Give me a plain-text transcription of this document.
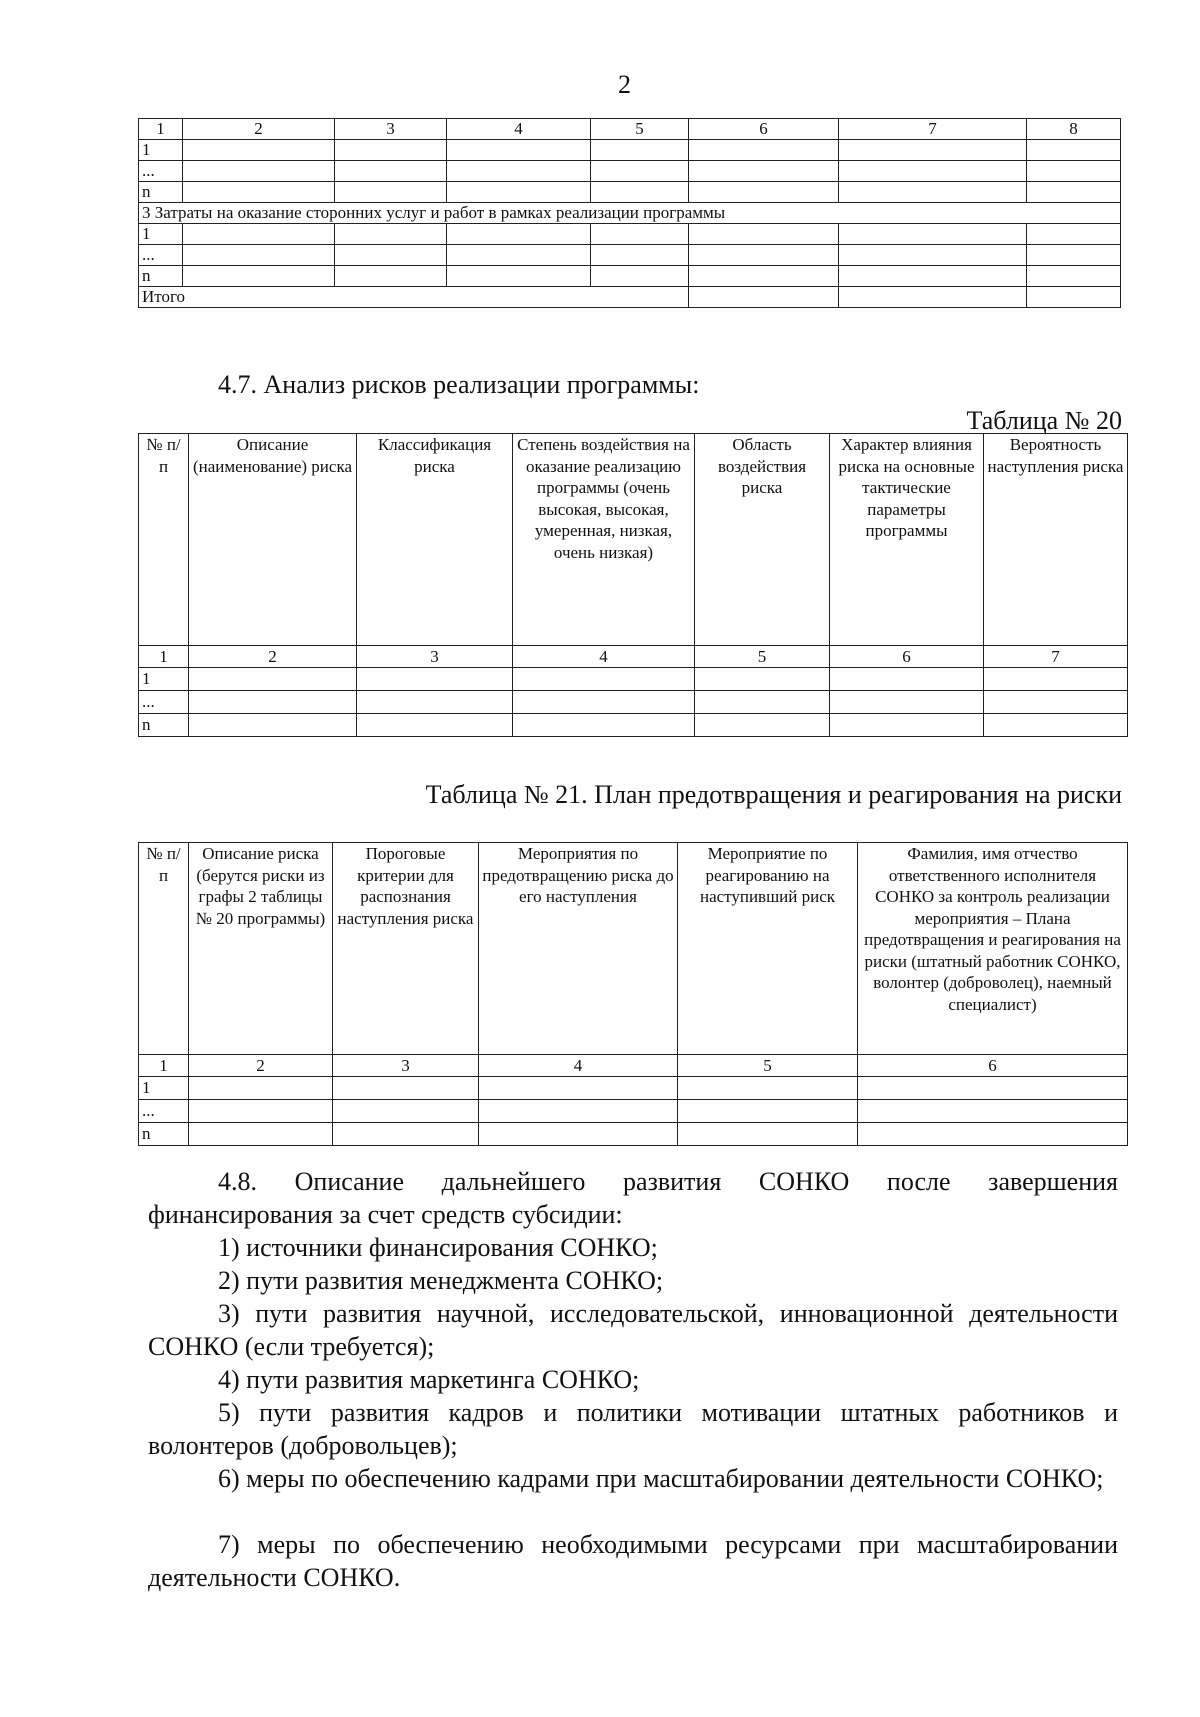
2
1	2	3	4	5	6	7	8
1							
...							
n							
3 Затраты на оказание сторонних услуг и работ в рамках реализации программы							
1							
...							
n							
Итого							
4.7. Анализ рисков реализации программы:
Таблица № 20
№ п/п	Описание (наименование) риска	Классификация риска	Степень воздействия на оказание реализацию программы (очень высокая, высокая, умеренная, низкая, очень низкая)	Область воздействия риска	Характер влияния риска на основные тактические параметры программы	Вероятность наступления риска
1	2	3	4	5	6	7
1						
...						
n						
Таблица № 21. План предотвращения и реагирования на риски
№ п/п	Описание риска (берутся риски из графы 2 таблицы № 20 программы)	Пороговые критерии для распознания наступления риска	Мероприятия по предотвращению риска до его наступления	Мероприятие по реагированию на наступивший риск	Фамилия, имя отчество ответственного исполнителя СОНКО за контроль реализации мероприятия – Плана предотвращения и реагирования на риски (штатный работник СОНКО, волонтер (доброволец), наемный специалист)
1	2	3	4	5	6
1					
...					
n					

4.8. Описание дальнейшего развития СОНКО после завершения финансирования за счет средств субсидии:

1) источники финансирования СОНКО;

2) пути развития менеджмента СОНКО;

3) пути развития научной, исследовательской, инновационной деятельности СОНКО (если требуется);

4) пути развития маркетинга СОНКО;

5) пути развития кадров и политики мотивации штатных работников и волонтеров (добровольцев);

6) меры по обеспечению кадрами при масштабировании деятельности СОНКО;

7) меры по обеспечению необходимыми ресурсами при масштабировании деятельности СОНКО.
